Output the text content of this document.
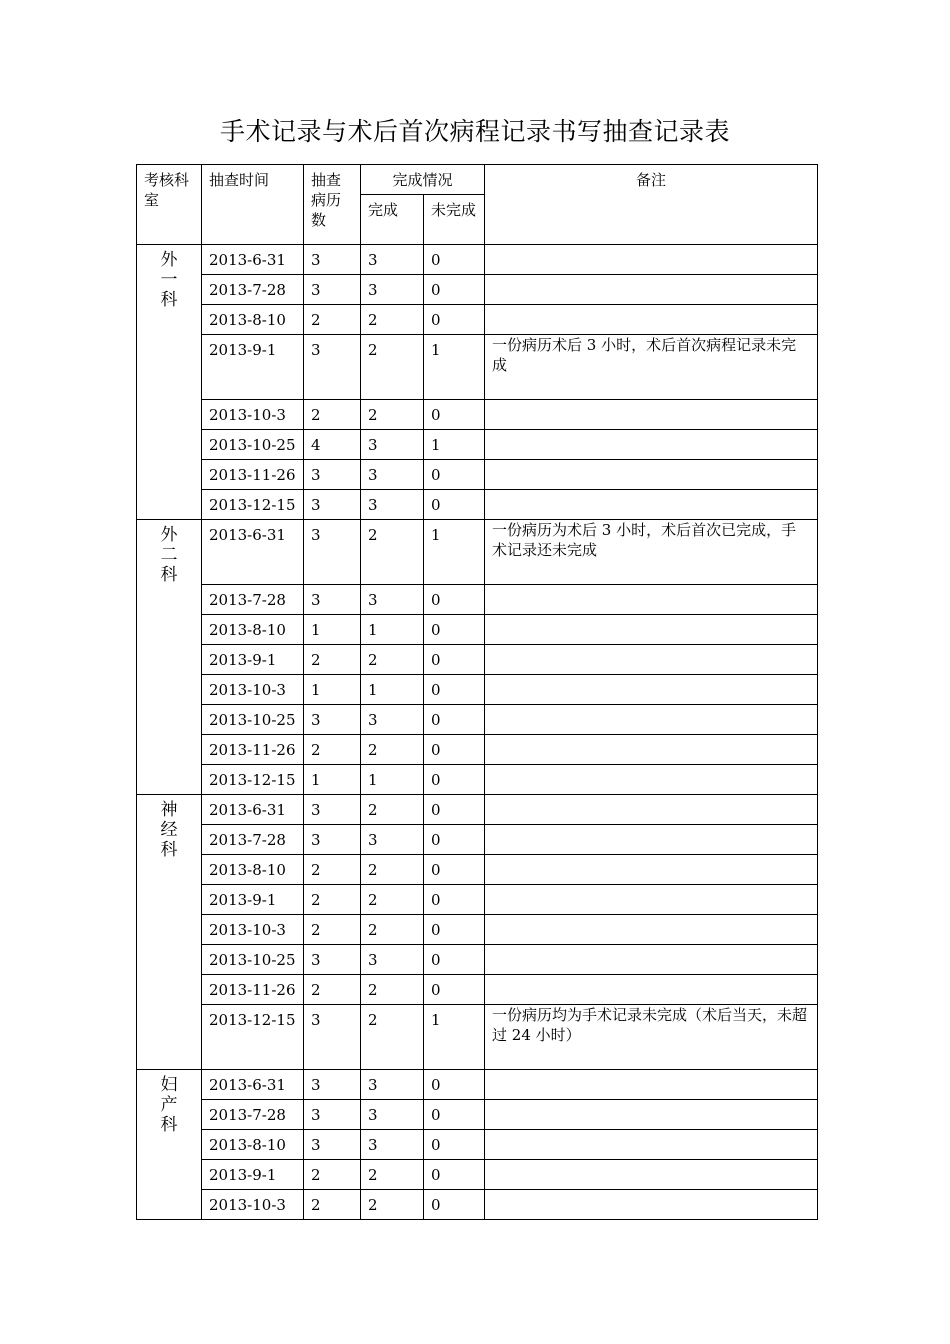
手术记录与术后首次病程记录书写抽查记录表
考核科室	抽查时间	抽查病历数	完成情况		备注
			完成	未完成	
外
一
科	2013-6-31	3	3	0	
	2013-7-28	3	3	0	
	2013-8-10	2	2	0	
	2013-9-1	3	2	1	一份病历术后 3 小时，术后首次病程记录未完成
	2013-10-3	2	2	0	
	2013-10-25	4	3	1	
	2013-11-26	3	3	0	
	2013-12-15	3	3	0	
外
二
科	2013-6-31	3	2	1	一份病历为术后 3 小时，术后首次已完成，手术记录还未完成
	2013-7-28	3	3	0	
	2013-8-10	1	1	0	
	2013-9-1	2	2	0	
	2013-10-3	1	1	0	
	2013-10-25	3	3	0	
	2013-11-26	2	2	0	
	2013-12-15	1	1	0	
神
经
科	2013-6-31	3	2	0	
	2013-7-28	3	3	0	
	2013-8-10	2	2	0	
	2013-9-1	2	2	0	
	2013-10-3	2	2	0	
	2013-10-25	3	3	0	
	2013-11-26	2	2	0	
	2013-12-15	3	2	1	一份病历均为手术记录未完成（术后当天，未超过 24 小时）
妇
产
科	2013-6-31	3	3	0	
	2013-7-28	3	3	0	
	2013-8-10	3	3	0	
	2013-9-1	2	2	0	
	2013-10-3	2	2	0	
